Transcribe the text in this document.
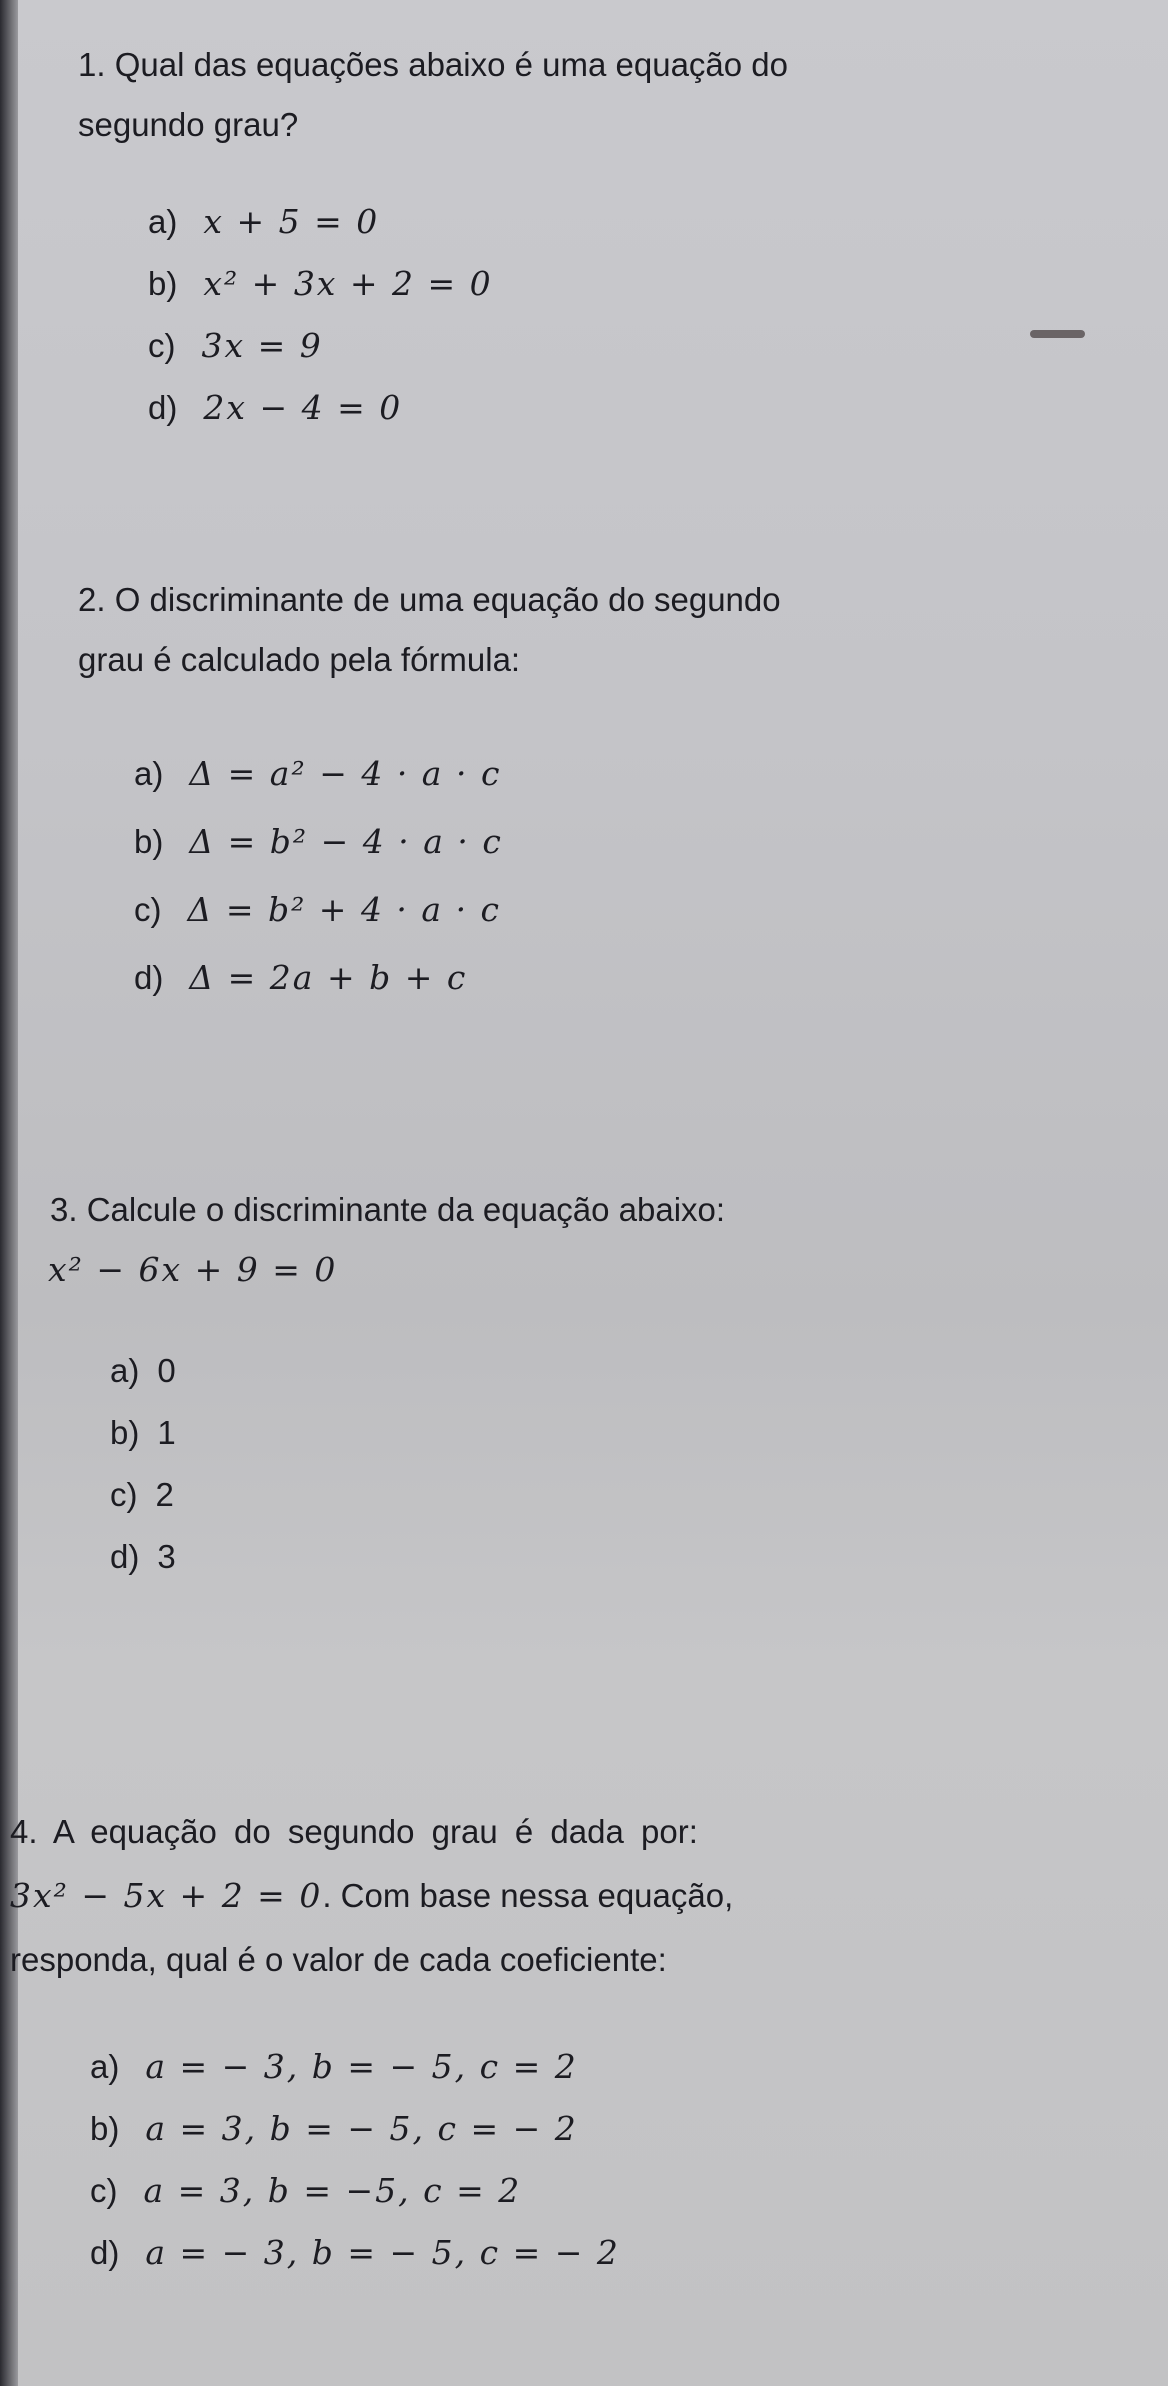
1. Qual das equações abaixo é uma equação do

segundo grau?

a) x + 5 = 0
b) x² + 3x + 2 = 0
c) 3x = 9
d) 2x − 4 = 0

2. O discriminante de uma equação do segundo

grau é calculado pela fórmula:

a) Δ = a² − 4 · a · c
b) Δ = b² − 4 · a · c
c) Δ = b² + 4 · a · c
d) Δ = 2a + b + c

3. Calcule o discriminante da equação abaixo:

x² − 6x + 9 = 0

a) 0
b) 1
c) 2
d) 3

4. A equação do segundo grau é dada por:

3x² − 5x + 2 = 0. Com base nessa equação,

responda, qual é o valor de cada coeficiente:

a) a = − 3, b = − 5, c = 2
b) a = 3, b = − 5, c = − 2
c) a = 3, b = −5, c = 2
d) a = − 3, b = − 5, c = − 2
